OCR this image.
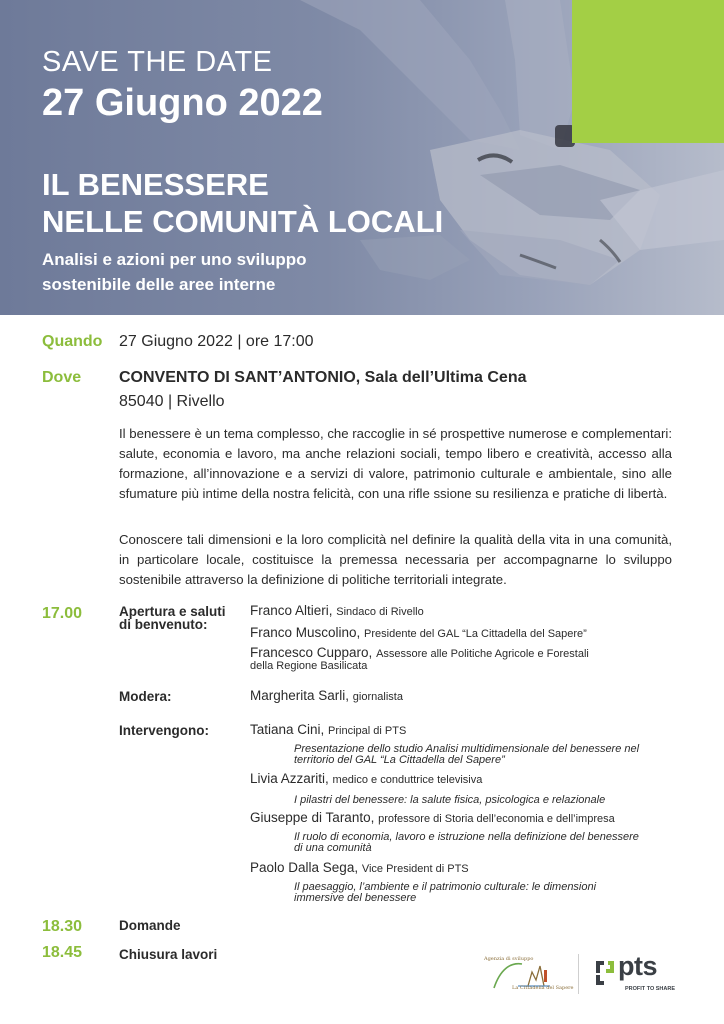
SAVE THE DATE
27 Giugno 2022
IL BENESSERE
NELLE COMUNITÀ LOCALI
Analisi e azioni per uno sviluppo
sostenibile delle aree interne
Quando 27 Giugno 2022 | ore 17:00
Dove CONVENTO DI SANT’ANTONIO, Sala dell’Ultima Cena
85040 | Rivello
Il benessere è un tema complesso, che raccoglie in sé prospettive numerose e complementari: salute, economia e lavoro, ma anche relazioni sociali, tempo libero e creatività, accesso alla formazione, all’innovazione e a servizi di valore, patrimonio culturale e ambientale, sino alle sfumature più intime della nostra felicità, con una rifle ssione su resilienza e pratiche di libertà.
Conoscere tali dimensioni e la loro complicità nel definire la qualità della vita in una comunità, in particolare locale, costituisce la premessa necessaria per accompagnarne lo sviluppo sostenibile attraverso la definizione di politiche territoriali integrate.
17.00	Apertura e saluti
di benvenuto:
Franco Altieri, Sindaco di Rivello
Franco Muscolino, Presidente del GAL “La Cittadella del Sapere”
Francesco Cupparo, Assessore alle Politiche Agricole e Forestali
della Regione Basilicata
Modera:	Margherita Sarli, giornalista
Intervengono:	Tatiana Cini, Principal di PTS
Presentazione dello studio Analisi multidimensionale del benessere nel
territorio del GAL “La Cittadella del Sapere”
Livia Azzariti, medico e conduttrice televisiva
I pilastri del benessere: la salute fisica, psicologica e relazionale
Giuseppe di Taranto, professore di Storia dell’economia e dell’impresa
Il ruolo di economia, lavoro e istruzione nella definizione del benessere
di una comunità
Paolo Dalla Sega, Vice President di PTS
Il paesaggio, l’ambiente e il patrimonio culturale: le dimensioni
immersive del benessere
18.30	Domande
18.45	Chiusura lavori	Agenzia di sviluppo
La Cittadella del Sapere
pts
PROFIT TO SHARE
